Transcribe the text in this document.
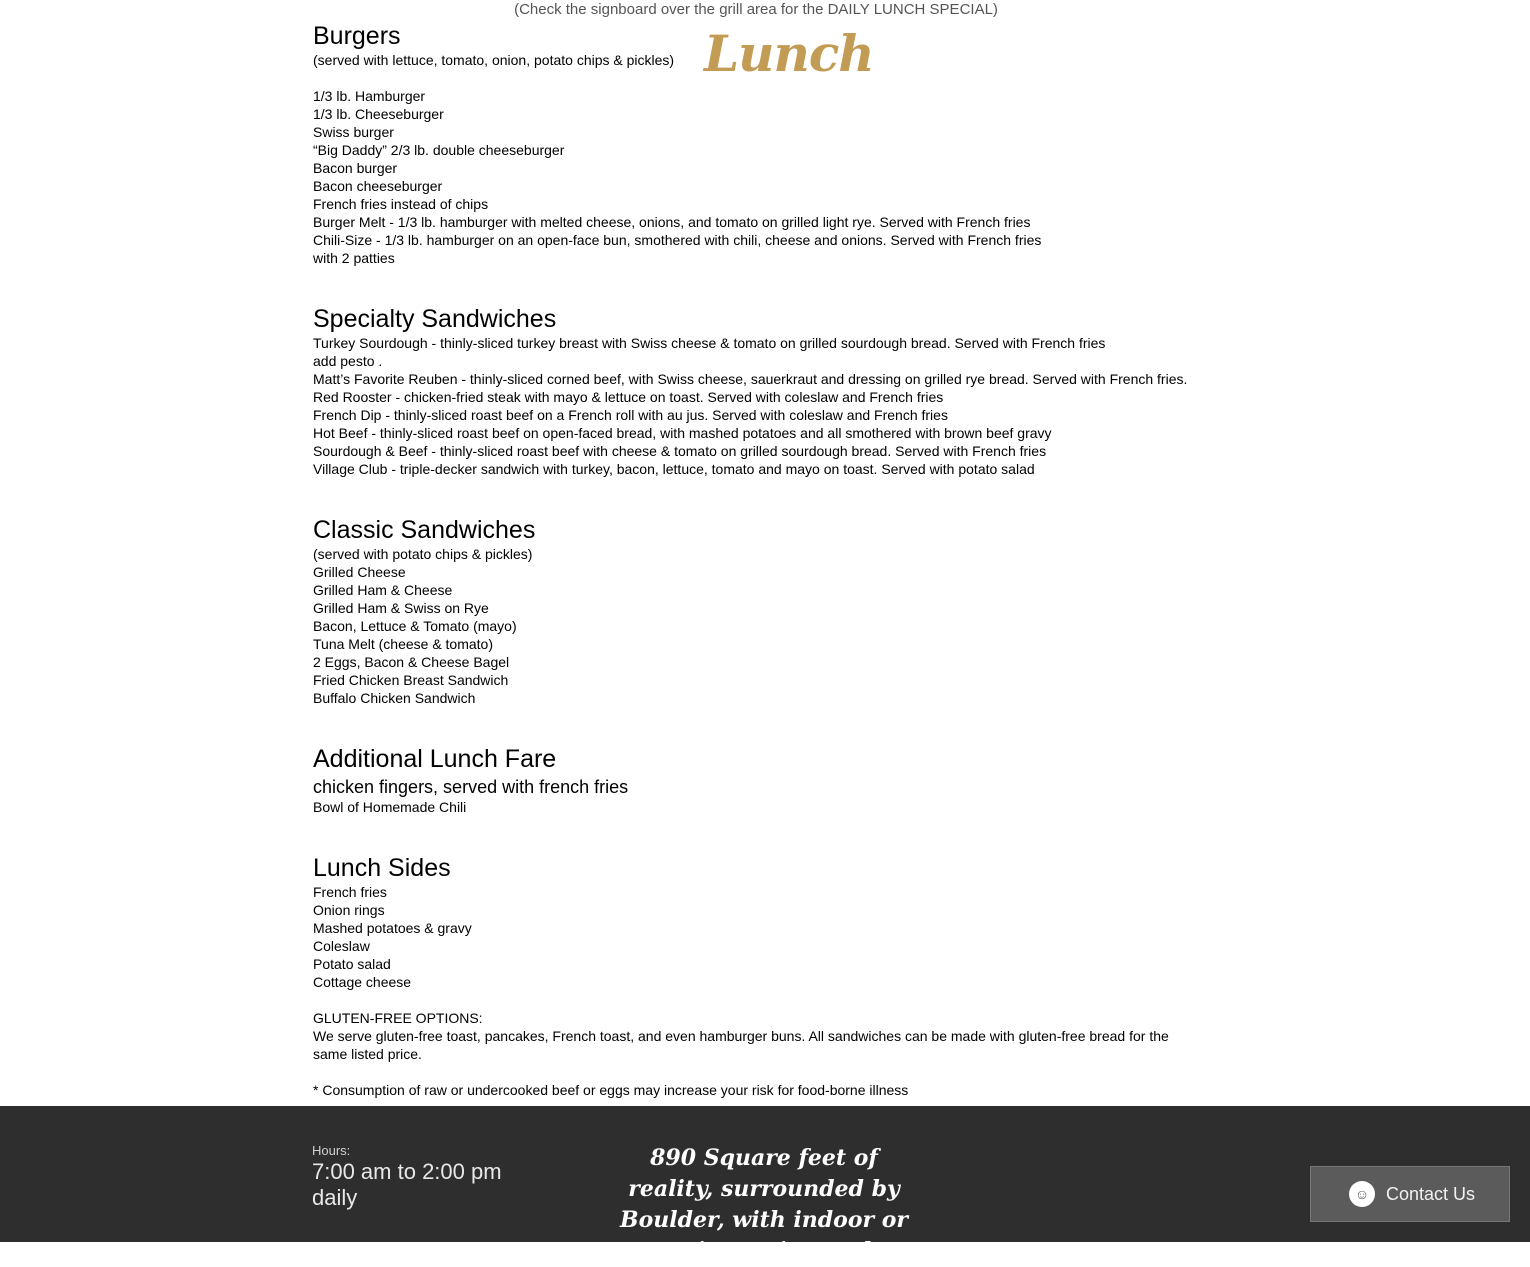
(Check the signboard over the grill area for the DAILY LUNCH SPECIAL)
Lunch
Burgers
(served with lettuce, tomato, onion, potato chips & pickles)
1/3 lb. Hamburger
1/3 lb. Cheeseburger
Swiss burger
“Big Daddy” 2/3 lb. double cheeseburger
Bacon burger
Bacon cheeseburger
French fries instead of chips
Burger Melt - 1/3 lb. hamburger with melted cheese, onions, and tomato on grilled light rye. Served with French fries
Chili-Size - 1/3 lb. hamburger on an open-face bun, smothered with chili, cheese and onions. Served with French fries
with 2 patties
Specialty Sandwiches
Turkey Sourdough - thinly-sliced turkey breast with Swiss cheese & tomato on grilled sourdough bread. Served with French fries
add pesto .
Matt’s Favorite Reuben - thinly-sliced corned beef, with Swiss cheese, sauerkraut and dressing on grilled rye bread. Served with French fries.
Red Rooster - chicken-fried steak with mayo & lettuce on toast. Served with coleslaw and French fries
French Dip - thinly-sliced roast beef on a French roll with au jus. Served with coleslaw and French fries
Hot Beef - thinly-sliced roast beef on open-faced bread, with mashed potatoes and all smothered with brown beef gravy
Sourdough & Beef - thinly-sliced roast beef with cheese & tomato on grilled sourdough bread. Served with French fries
Village Club - triple-decker sandwich with turkey, bacon, lettuce, tomato and mayo on toast. Served with potato salad
Classic Sandwiches
(served with potato chips & pickles)
Grilled Cheese
Grilled Ham & Cheese
Grilled Ham & Swiss on Rye
Bacon, Lettuce & Tomato (mayo)
Tuna Melt (cheese & tomato)
2 Eggs, Bacon & Cheese Bagel
Fried Chicken Breast Sandwich
Buffalo Chicken Sandwich
Additional Lunch Fare
chicken fingers, served with french fries
Bowl of Homemade Chili
Lunch Sides
French fries
Onion rings
Mashed potatoes & gravy
Coleslaw
Potato salad
Cottage cheese
GLUTEN-FREE OPTIONS:
We serve gluten-free toast, pancakes, French toast, and even hamburger buns. All sandwiches can be made with gluten-free bread for the same listed price.
* Consumption of raw or undercooked beef or eggs may increase your risk for food-borne illness
Hours:
7:00 am to 2:00 pm daily
890 Square feet of reality, surrounded by Boulder, with indoor or patio seating and
☺ Contact Us
